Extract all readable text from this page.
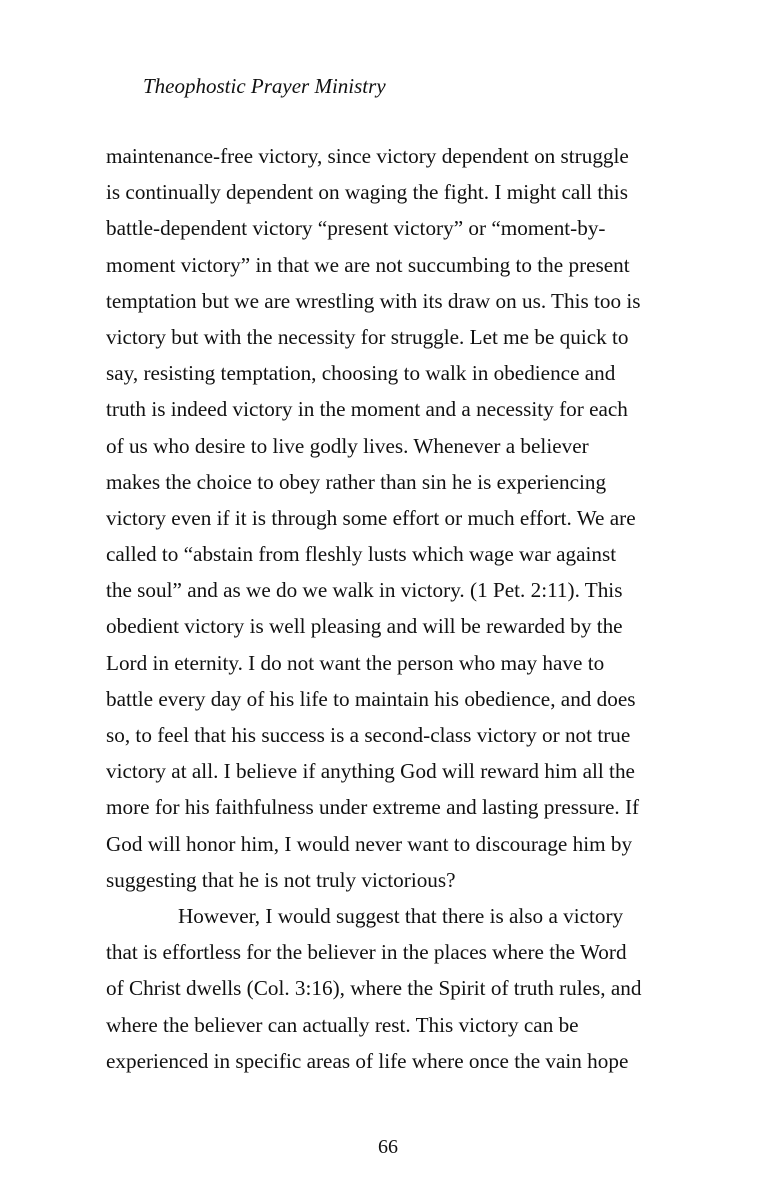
Theophostic Prayer Ministry
maintenance-free victory, since victory dependent on struggle
is continually dependent on waging the fight. I might call this
battle-dependent victory “present victory” or “moment-by-
moment victory” in that we are not succumbing to the present
temptation but we are wrestling with its draw on us. This too is
victory but with the necessity for struggle. Let me be quick to
say, resisting temptation, choosing to walk in obedience and
truth is indeed victory in the moment and a necessity for each
of us who desire to live godly lives. Whenever a believer
makes the choice to obey rather than sin he is experiencing
victory even if it is through some effort or much effort. We are
called to “abstain from fleshly lusts which wage war against
the soul” and as we do we walk in victory. (1 Pet. 2:11). This
obedient victory is well pleasing and will be rewarded by the
Lord in eternity. I do not want the person who may have to
battle every day of his life to maintain his obedience, and does
so, to feel that his success is a second-class victory or not true
victory at all. I believe if anything God will reward him all the
more for his faithfulness under extreme and lasting pressure. If
God will honor him, I would never want to discourage him by
suggesting that he is not truly victorious?
However, I would suggest that there is also a victory
that is effortless for the believer in the places where the Word
of Christ dwells (Col. 3:16), where the Spirit of truth rules, and
where the believer can actually rest. This victory can be
experienced in specific areas of life where once the vain hope
66
